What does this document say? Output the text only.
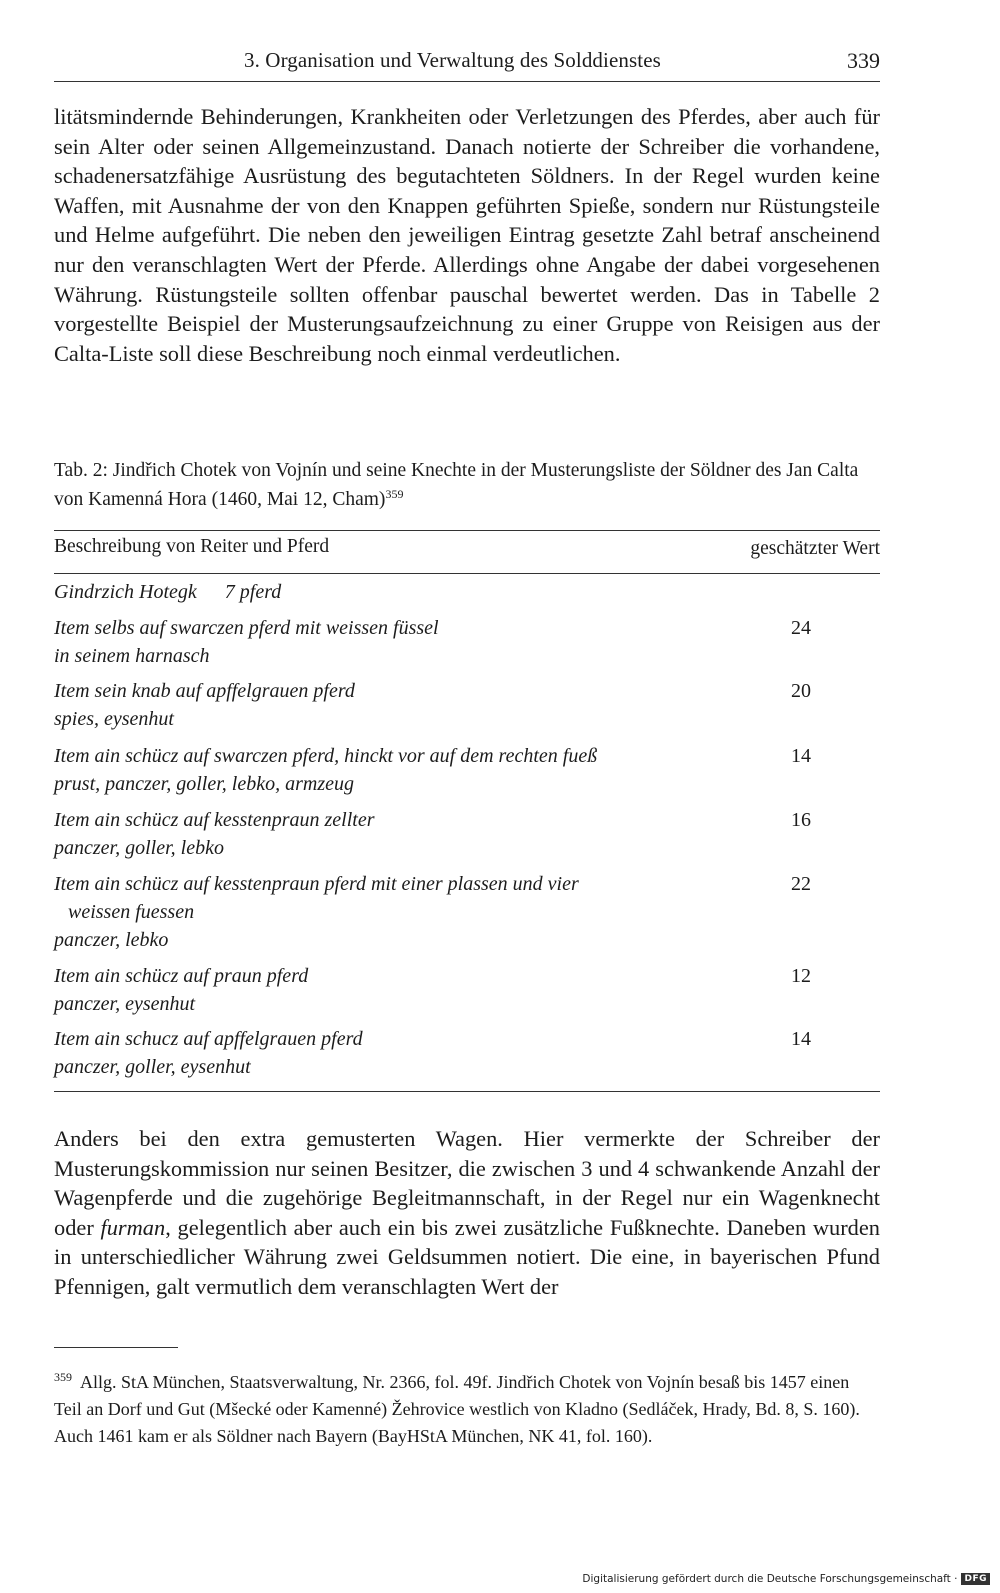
3. Organisation und Verwaltung des Solddienstes	339

litätsmindernde Behinderungen, Krankheiten oder Verletzungen des Pferdes, aber auch für sein Alter oder seinen Allgemeinzustand. Danach notierte der Schreiber die vorhandene, schadenersatzfähige Ausrüstung des begutachteten Söldners. In der Regel wurden keine Waffen, mit Ausnahme der von den Knappen geführten Spieße, sondern nur Rüstungsteile und Helme aufgeführt. Die neben den jeweiligen Eintrag gesetzte Zahl betraf anscheinend nur den veranschlagten Wert der Pferde. Allerdings ohne Angabe der dabei vorgesehenen Währung. Rüstungsteile sollten offenbar pauschal bewertet werden. Das in Tabelle 2 vorgestellte Beispiel der Musterungsaufzeichnung zu einer Gruppe von Reisigen aus der Calta-Liste soll diese Beschreibung noch einmal verdeutlichen.

Tab. 2: Jindřich Chotek von Vojnín und seine Knechte in der Musterungsliste der Söldner des Jan Calta von Kamenná Hora (1460, Mai 12, Cham)$^{359}$

Beschreibung von Reiter und Pferd	geschätzter Wert
Gindrzich Hotegk 7 pferd
Item selbs auf swarczen pferd mit weissen füssel
in seinem harnasch
24
Item sein knab auf apffelgrauen pferd
spies, eysenhut
20
Item ain schücz auf swarczen pferd, hinckt vor auf dem rechten fueß
prust, panczer, goller, lebko, armzeug
14
Item ain schücz auf kesstenpraun zellter
panczer, goller, lebko
16
Item ain schücz auf kesstenpraun pferd mit einer plassen und vier
weissen fuessen
panczer, lebko
22
Item ain schücz auf praun pferd
panczer, eysenhut
12
Item ain schucz auf apffelgrauen pferd
panczer, goller, eysenhut
14

Anders bei den extra gemusterten Wagen. Hier vermerkte der Schreiber der Musterungskommission nur seinen Besitzer, die zwischen 3 und 4 schwankende Anzahl der Wagenpferde und die zugehörige Begleitmannschaft, in der Regel nur ein Wagenknecht oder furman, gelegentlich aber auch ein bis zwei zusätzliche Fußknechte. Daneben wurden in unterschiedlicher Währung zwei Geldsummen notiert. Die eine, in bayerischen Pfund Pfennigen, galt vermutlich dem veranschlagten Wert der

$^{359}$ Allg. StA München, Staatsverwaltung, Nr. 2366, fol. 49f. Jindřich Chotek von Vojnín besaß bis 1457 einen Teil an Dorf und Gut (Mšecké oder Kamenné) Žehrovice westlich von Kladno (Sedláček, Hrady, Bd. 8, S. 160). Auch 1461 kam er als Söldner nach Bayern (BayHStA München, NK 41, fol. 160).

Digitalisierung gefördert durch die Deutsche Forschungsgemeinschaft · DFG
